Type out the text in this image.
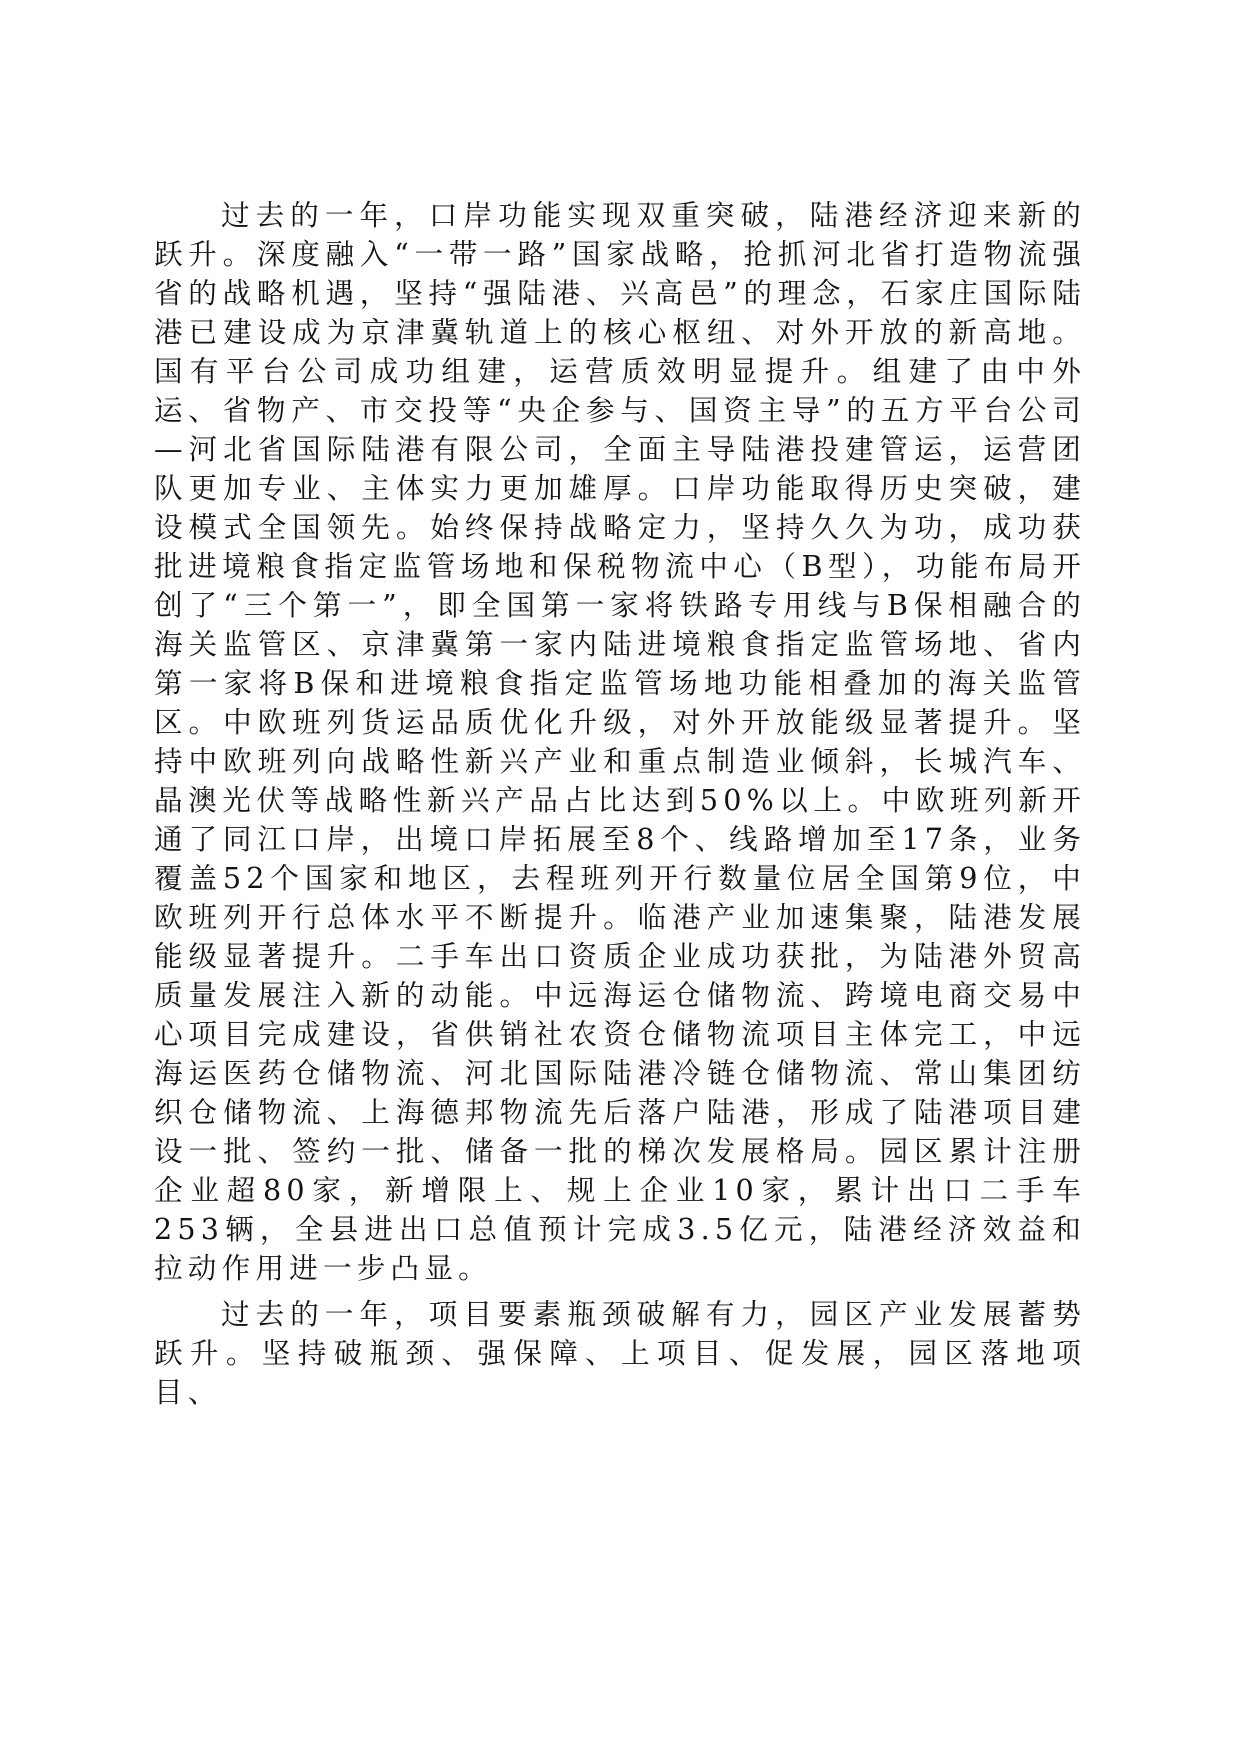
过去的一年，口岸功能实现双重突破，陆港经济迎来新的跃升。深度融入“一带一路”国家战略，抢抓河北省打造物流强省的战略机遇，坚持“强陆港、兴高邑”的理念，石家庄国际陆港已建设成为京津冀轨道上的核心枢纽、对外开放的新高地。国有平台公司成功组建，运营质效明显提升。组建了由中外运、省物产、市交投等“央企参与、国资主导”的五方平台公司—河北省国际陆港有限公司，全面主导陆港投建管运，运营团队更加专业、主体实力更加雄厚。口岸功能取得历史突破，建设模式全国领先。始终保持战略定力，坚持久久为功，成功获批进境粮食指定监管场地和保税物流中心（B型），功能布局开创了“三个第一”，即全国第一家将铁路专用线与B保相融合的海关监管区、京津冀第一家内陆进境粮食指定监管场地、省内第一家将B保和进境粮食指定监管场地功能相叠加的海关监管区。中欧班列货运品质优化升级，对外开放能级显著提升。坚持中欧班列向战略性新兴产业和重点制造业倾斜，长城汽车、晶澳光伏等战略性新兴产品占比达到50%以上。中欧班列新开通了同江口岸，出境口岸拓展至8个、线路增加至17条，业务覆盖52个国家和地区，去程班列开行数量位居全国第9位，中欧班列开行总体水平不断提升。临港产业加速集聚，陆港发展能级显著提升。二手车出口资质企业成功获批，为陆港外贸高质量发展注入新的动能。中远海运仓储物流、跨境电商交易中心项目完成建设，省供销社农资仓储物流项目主体完工，中远海运医药仓储物流、河北国际陆港冷链仓储物流、常山集团纺织仓储物流、上海德邦物流先后落户陆港，形成了陆港项目建设一批、签约一批、储备一批的梯次发展格局。园区累计注册企业超80家，新增限上、规上企业10家，累计出口二手车253辆，全县进出口总值预计完成3.5亿元，陆港经济效益和拉动作用进一步凸显。

过去的一年，项目要素瓶颈破解有力，园区产业发展蓄势跃升。坚持破瓶颈、强保障、上项目、促发展，园区落地项目、
